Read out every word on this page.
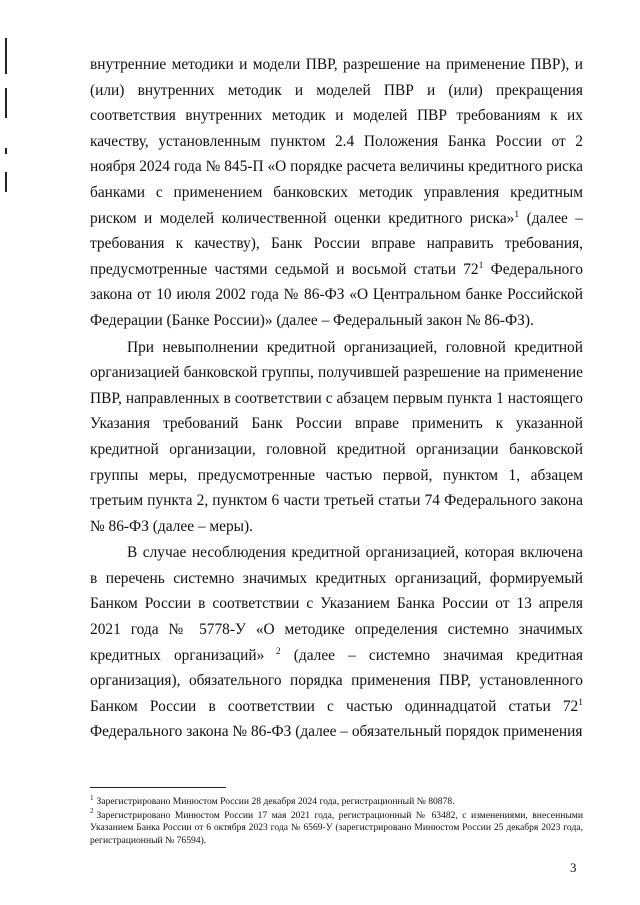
внутренние методики и модели ПВР, разрешение на применение ПВР), и (или) внутренних методик и моделей ПВР и (или) прекращения соответствия внутренних методик и моделей ПВР требованиям к их качеству, установленным пунктом 2.4 Положения Банка России от 2 ноября 2024 года № 845-П «О порядке расчета величины кредитного риска банками с применением банковских методик управления кредитным риском и моделей количественной оценки кредитного риска»$^1$ (далее – требования к качеству), Банк России вправе направить требования, предусмотренные частями седьмой и восьмой статьи 72$^1$ Федерального закона от 10 июля 2002 года № 86-ФЗ «О Центральном банке Российской Федерации (Банке России)» (далее – Федеральный закон № 86-ФЗ).

При невыполнении кредитной организацией, головной кредитной организацией банковской группы, получившей разрешение на применение ПВР, направленных в соответствии с абзацем первым пункта 1 настоящего Указания требований Банк России вправе применить к указанной кредитной организации, головной кредитной организации банковской группы меры, предусмотренные частью первой, пунктом 1, абзацем третьим пункта 2, пунктом 6 части третьей статьи 74 Федерального закона № 86-ФЗ (далее – меры).

В случае несоблюдения кредитной организацией, которая включена в перечень системно значимых кредитных организаций, формируемый Банком России в соответствии с Указанием Банка России от 13 апреля 2021 года № 5778-У «О методике определения системно значимых кредитных организаций» $^2$ (далее – системно значимая кредитная организация), обязательного порядка применения ПВР, установленного Банком России в соответствии с частью одиннадцатой статьи 72$^1$ Федерального закона № 86-ФЗ (далее – обязательный порядок применения

$^1$ Зарегистрировано Минюстом России 28 декабря 2024 года, регистрационный № 80878.

$^2$ Зарегистрировано Минюстом России 17 мая 2021 года, регистрационный № 63482, с изменениями, внесенными Указанием Банка России от 6 октября 2023 года № 6569-У (зарегистрировано Минюстом России 25 декабря 2023 года, регистрационный № 76594).

3
